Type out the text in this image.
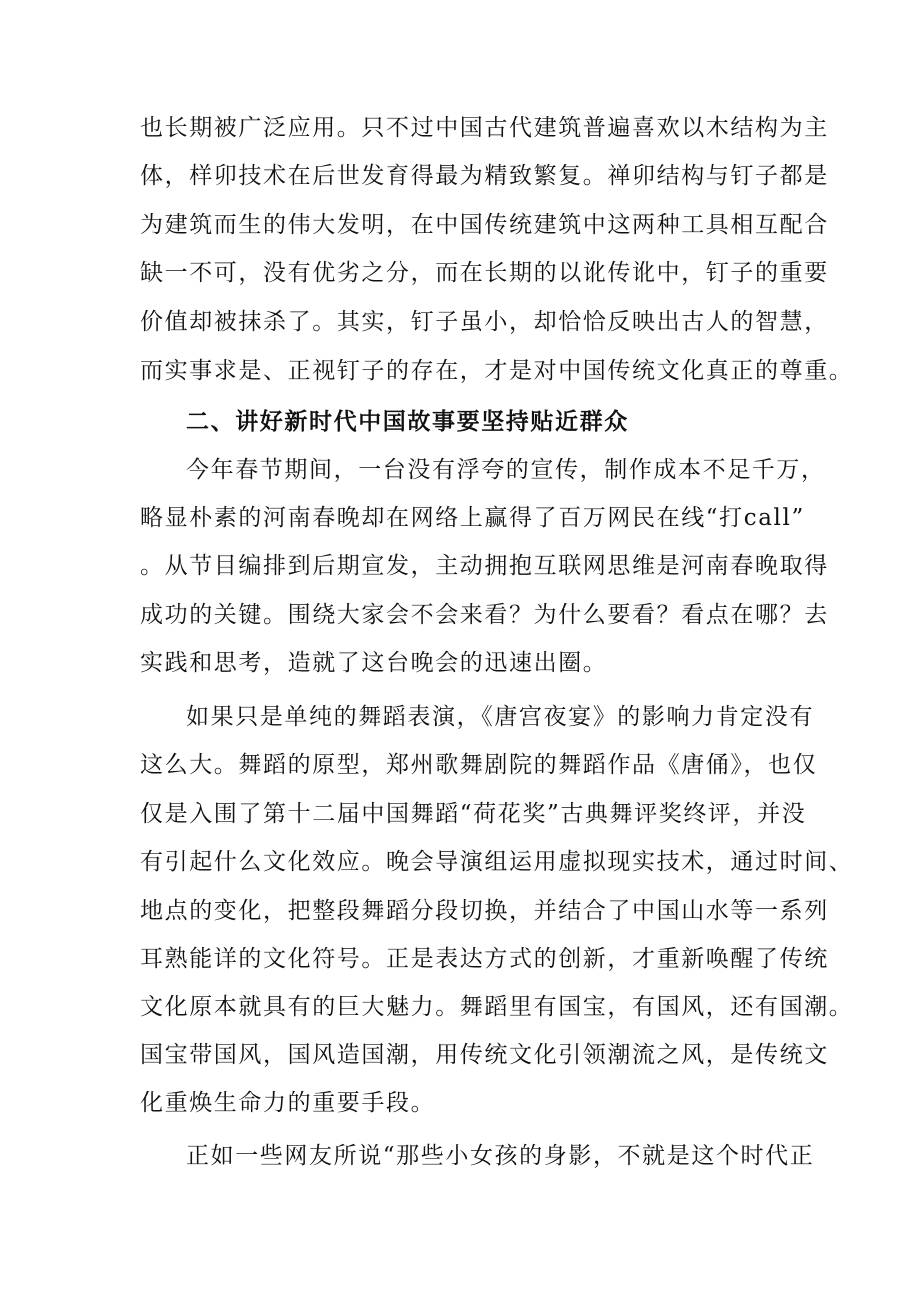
也长期被广泛应用。只不过中国古代建筑普遍喜欢以木结构为主
体，样卯技术在后世发育得最为精致繁复。禅卯结构与钉子都是
为建筑而生的伟大发明，在中国传统建筑中这两种工具相互配合
缺一不可，没有优劣之分，而在长期的以讹传讹中，钉子的重要
价值却被抹杀了。其实，钉子虽小，却恰恰反映出古人的智慧，
而实事求是、正视钉子的存在，才是对中国传统文化真正的尊重。
二、讲好新时代中国故事要坚持贴近群众
今年春节期间，一台没有浮夸的宣传，制作成本不足千万，
略显朴素的河南春晚却在网络上赢得了百万网民在线“打call”
。从节目编排到后期宣发，主动拥抱互联网思维是河南春晚取得
成功的关键。围绕大家会不会来看？为什么要看？看点在哪？去
实践和思考，造就了这台晚会的迅速出圈。
如果只是单纯的舞蹈表演，《唐宫夜宴》的影响力肯定没有
这么大。舞蹈的原型，郑州歌舞剧院的舞蹈作品《唐俑》，也仅
仅是入围了第十二届中国舞蹈“荷花奖”古典舞评奖终评，并没
有引起什么文化效应。晚会导演组运用虚拟现实技术，通过时间、
地点的变化，把整段舞蹈分段切换，并结合了中国山水等一系列
耳熟能详的文化符号。正是表达方式的创新，才重新唤醒了传统
文化原本就具有的巨大魅力。舞蹈里有国宝，有国风，还有国潮。
国宝带国风，国风造国潮，用传统文化引领潮流之风，是传统文
化重焕生命力的重要手段。
正如一些网友所说“那些小女孩的身影，不就是这个时代正
